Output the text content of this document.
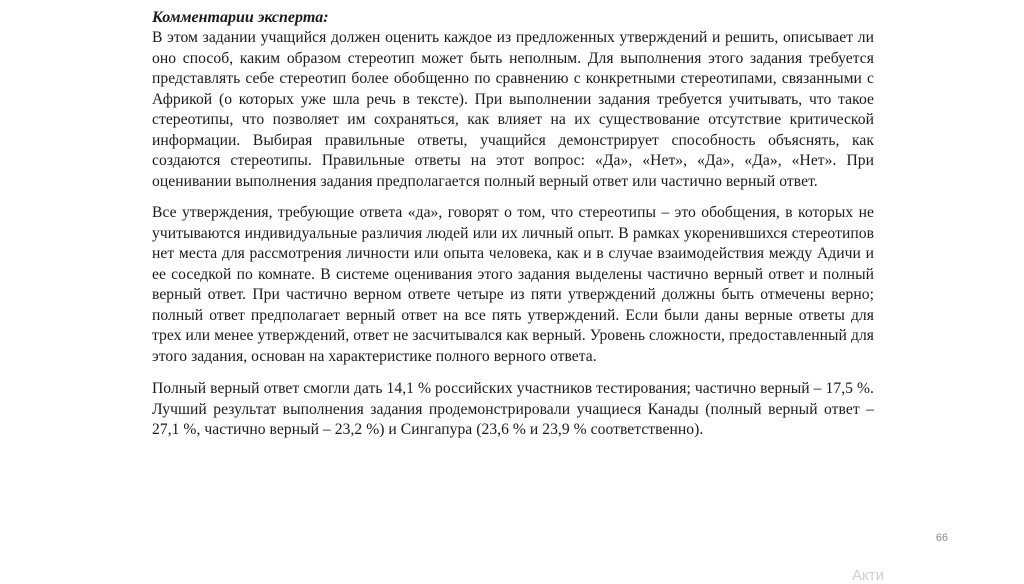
Комментарии эксперта:

В этом задании учащийся должен оценить каждое из предложенных утверждений и решить, описывает ли оно способ, каким образом стереотип может быть неполным. Для выполнения этого задания требуется представлять себе стереотип более обобщенно по сравнению с конкретными стереотипами, связанными с Африкой (о которых уже шла речь в тексте). При выполнении задания требуется учитывать, что такое стереотипы, что позволяет им сохраняться, как влияет на их существование отсутствие критической информации. Выбирая правильные ответы, учащийся демонстрирует способность объяснять, как создаются стереотипы. Правильные ответы на этот вопрос: «Да», «Нет», «Да», «Да», «Нет». При оценивании выполнения задания предполагается полный верный ответ или частично верный ответ.

Все утверждения, требующие ответа «да», говорят о том, что стереотипы – это обобщения, в которых не учитываются индивидуальные различия людей или их личный опыт. В рамках укоренившихся стереотипов нет места для рассмотрения личности или опыта человека, как и в случае взаимодействия между Адичи и ее соседкой по комнате. В системе оценивания этого задания выделены частично верный ответ и полный верный ответ. При частично верном ответе четыре из пяти утверждений должны быть отмечены верно; полный ответ предполагает верный ответ на все пять утверждений. Если были даны верные ответы для трех или менее утверждений, ответ не засчитывался как верный. Уровень сложности, предоставленный для этого задания, основан на характеристике полного верного ответа.

Полный верный ответ смогли дать 14,1 % российских участников тестирования; частично верный – 17,5 %. Лучший результат выполнения задания продемонстрировали учащиеся Канады (полный верный ответ – 27,1 %, частично верный – 23,2 %) и Сингапура (23,6 % и 23,9 % соответственно).

Акти
66
